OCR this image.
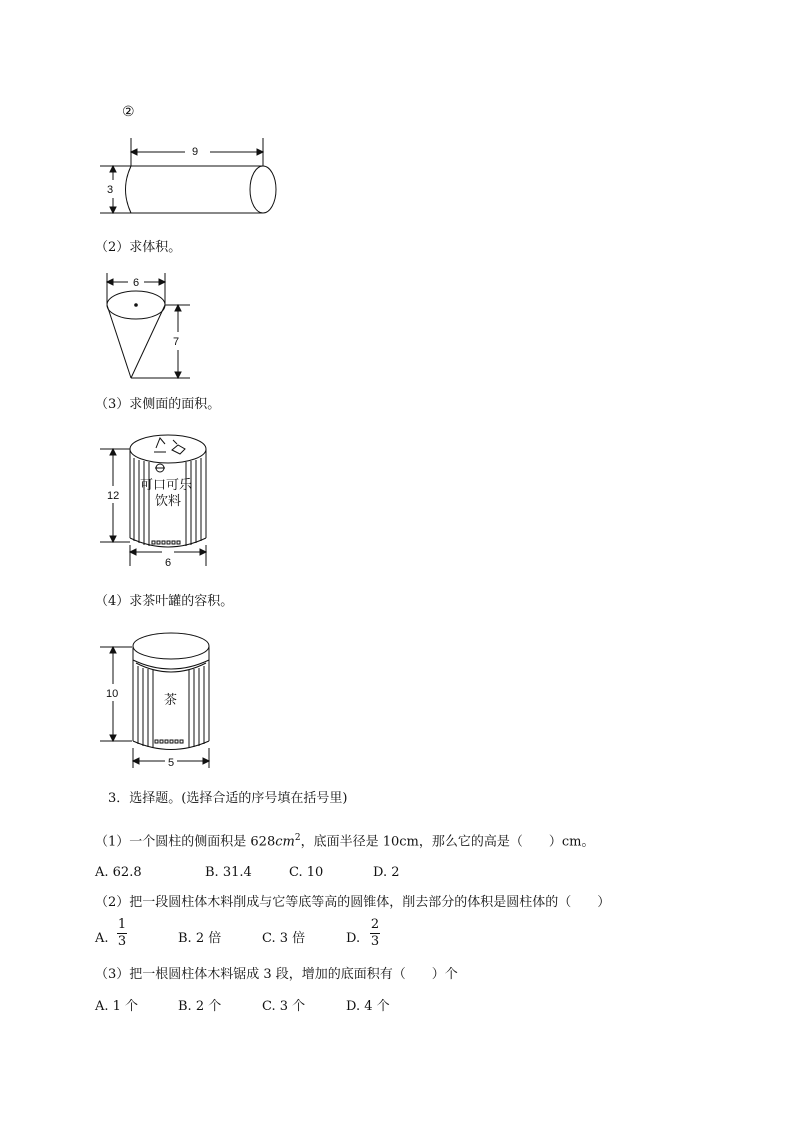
②
9
3
（2）求体积。
6
7
（3）求侧面的面积。
12
6
可口可乐
饮料
（4）求茶叶罐的容积。
10
5
茶
3．选择题。(选择合适的序号填在括号里)
（1）一个圆柱的侧面积是 $628cm^2$，底面半径是 10cm，那么它的高是（　　）cm。
A. 62.8	B. 31.4	C. 10	D. 2
（2）把一段圆柱体木料削成与它等底等高的圆锥体，削去部分的体积是圆柱体的（　　）
A.
1
3	B. 2 倍	C. 3 倍	D.
2
3
（3）把一根圆柱体木料锯成 3 段，增加的底面积有（　　）个
A. 1 个	B. 2 个	C. 3 个	D. 4 个
